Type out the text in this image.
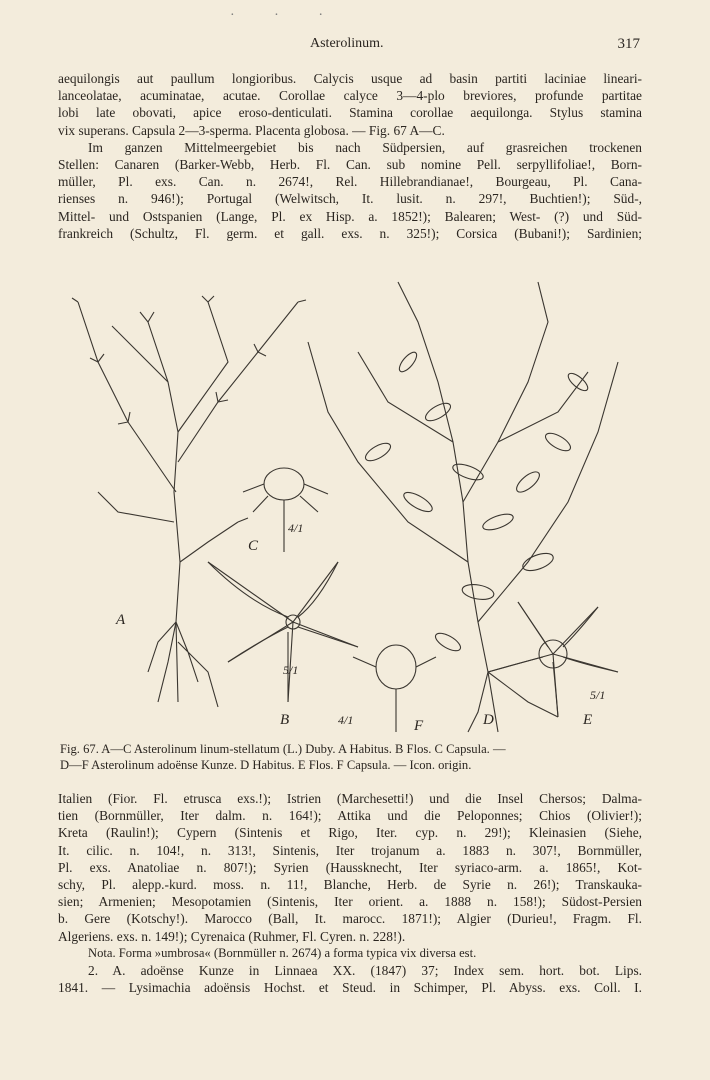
· · ·
Asterolinum.	317
aequilongis aut paullum longioribus. Calycis usque ad basin partiti laciniae lineari-
lanceolatae, acuminatae, acutae. Corollae calyce 3—4-plo breviores, profunde partitae
lobi late obovati, apice eroso-denticulati. Stamina corollae aequilonga. Stylus stamina
vix superans. Capsula 2—3-sperma. Placenta globosa. — Fig. 67 A—C.
Im ganzen Mittelmeergebiet bis nach Südpersien, auf grasreichen trockenen
Stellen: Canaren (Barker-Webb, Herb. Fl. Can. sub nomine Pell. serpyllifoliae!, Born-
müller, Pl. exs. Can. n. 2674!, Rel. Hillebrandianae!, Bourgeau, Pl. Cana-
rienses n. 946!); Portugal (Welwitsch, It. lusit. n. 297!, Buchtien!); Süd-,
Mittel- und Ostspanien (Lange, Pl. ex Hisp. a. 1852!); Balearen; West- (?) und Süd-
frankreich (Schultz, Fl. germ. et gall. exs. n. 325!); Corsica (Bubani!); Sardinien;
A
B
C
D	E
F
4/1
5/1
4/1
5/1
Fig. 67. A—C Asterolinum linum-stellatum (L.) Duby. A Habitus. B Flos. C Capsula. —
D—F Asterolinum adoënse Kunze. D Habitus. E Flos. F Capsula. — Icon. origin.
Italien (Fior. Fl. etrusca exs.!); Istrien (Marchesetti!) und die Insel Chersos; Dalma-
tien (Bornmüller, Iter dalm. n. 164!); Attika und die Peloponnes; Chios (Olivier!);
Kreta (Raulin!); Cypern (Sintenis et Rigo, Iter. cyp. n. 29!); Kleinasien (Siehe,
It. cilic. n. 104!, n. 313!, Sintenis, Iter trojanum a. 1883 n. 307!, Bornmüller,
Pl. exs. Anatoliae n. 807!); Syrien (Haussknecht, Iter syriaco-arm. a. 1865!, Kot-
schy, Pl. alepp.-kurd. moss. n. 11!, Blanche, Herb. de Syrie n. 26!); Transkauka-
sien; Armenien; Mesopotamien (Sintenis, Iter orient. a. 1888 n. 158!); Südost-Persien
b. Gere (Kotschy!). Marocco (Ball, It. marocc. 1871!); Algier (Durieu!, Fragm. Fl.
Algeriens. exs. n. 149!); Cyrenaica (Ruhmer, Fl. Cyren. n. 228!).
Nota. Forma »umbrosa« (Bornmüller n. 2674) a forma typica vix diversa est.
2. A. adoënse Kunze in Linnaea XX. (1847) 37; Index sem. hort. bot. Lips.
1841. — Lysimachia adoënsis Hochst. et Steud. in Schimper, Pl. Abyss. exs. Coll. I.
